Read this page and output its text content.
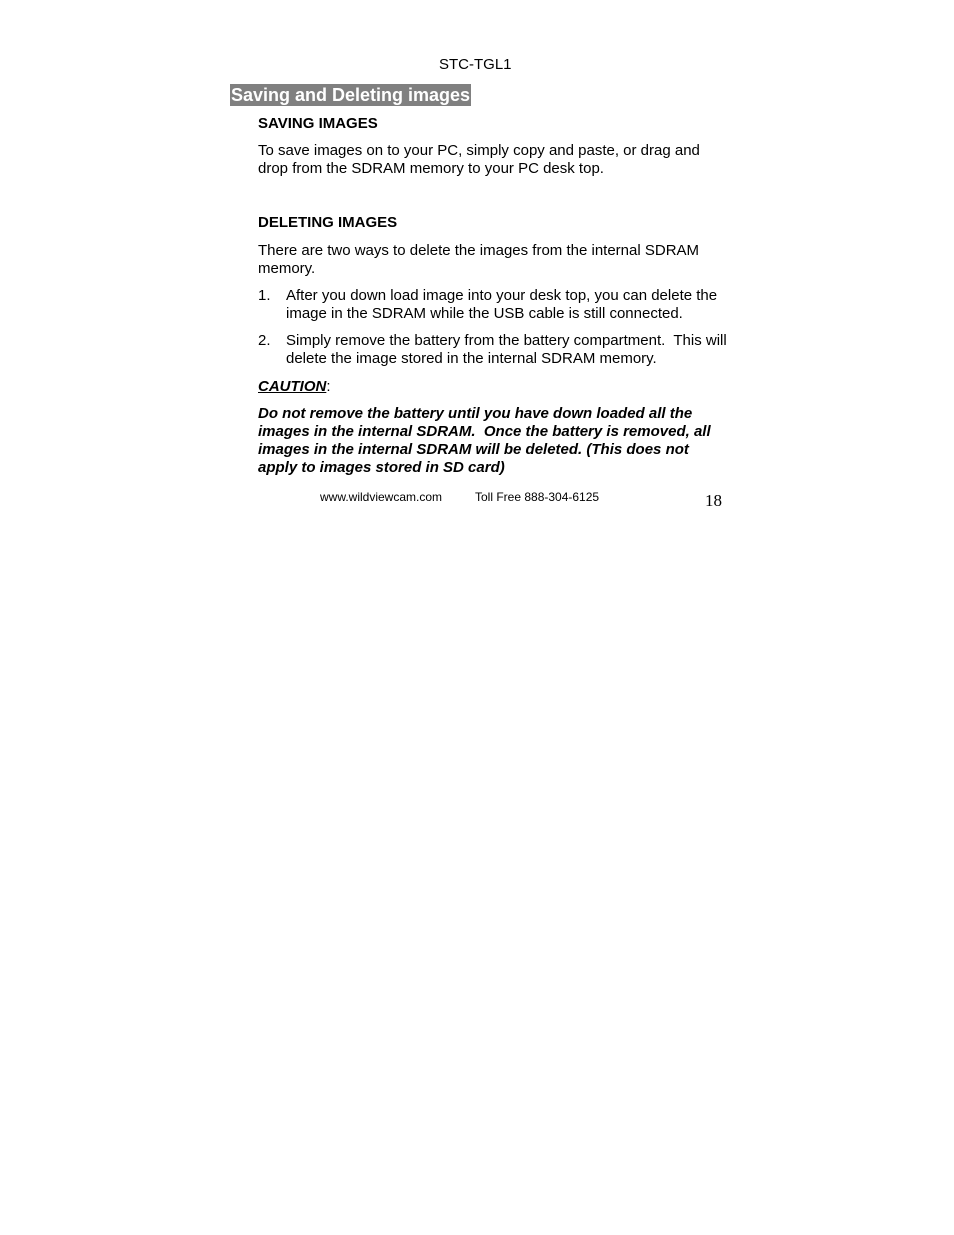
STC-TGL1
Saving and Deleting images
SAVING IMAGES
To save images on to your PC, simply copy and paste, or drag and drop from the SDRAM memory to your PC desk top.
DELETING IMAGES
There are two ways to delete the images from the internal SDRAM memory.
1. After you down load image into your desk top, you can delete the image in the SDRAM while the USB cable is still connected.
2. Simply remove the battery from the battery compartment.  This will delete the image stored in the internal SDRAM memory.
CAUTION:
Do not remove the battery until you have down loaded all the images in the internal SDRAM.  Once the battery is removed, all images in the internal SDRAM will be deleted. (This does not apply to images stored in SD card)
www.wildviewcam.com	Toll Free 888-304-6125	18
